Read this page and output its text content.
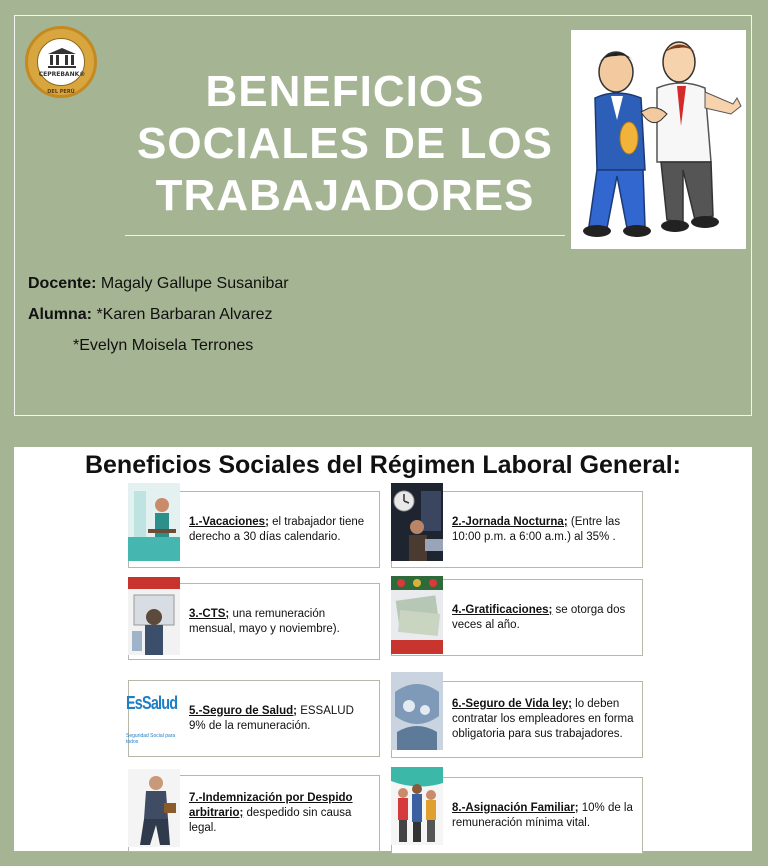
CEPREBANK®
DEL PERÚ	BENEFICIOS
SOCIALES DE LOS
TRABAJADORES
Docente: Magaly Gallupe Susanibar
Alumna: *Karen Barbaran Alvarez
*Evelyn Moisela Terrones
Beneficios Sociales del Régimen Laboral General:
1.-Vacaciones; el trabajador tiene derecho a 30 días calendario.
2.-Jornada Nocturna; (Entre las 10:00 p.m. a 6:00 a.m.) al 35% .
3.-CTS; una remuneración mensual, mayo y noviembre).
4.-Gratificaciones; se otorga dos veces al año.
5.-Seguro de Salud; ESSALUD 9% de la remuneración.
EsSalud
Seguridad Social para todos
6.-Seguro de Vida ley; lo deben contratar los empleadores en forma obligatoria para sus trabajadores.
7.-Indemnización por Despido arbitrario; despedido sin causa legal.
8.-Asignación Familiar; 10% de la remuneración mínima vital.
